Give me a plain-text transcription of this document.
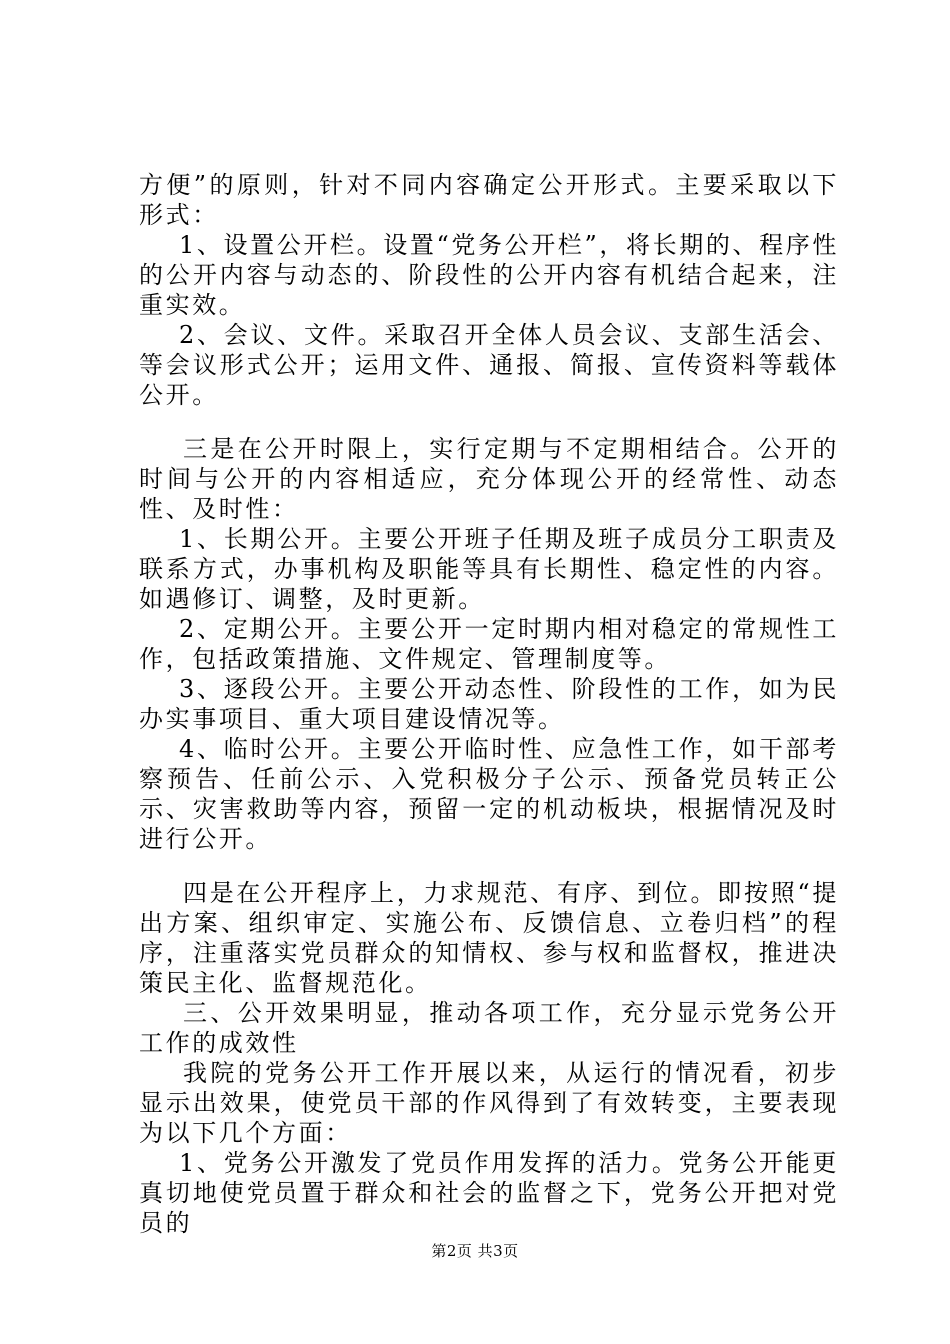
方便”的原则，针对不同内容确定公开形式。主要采取以下形式：

1、设置公开栏。设置“党务公开栏”，将长期的、程序性的公开内容与动态的、阶段性的公开内容有机结合起来，注重实效。

2、会议、文件。采取召开全体人员会议、支部生活会、等会议形式公开；运用文件、通报、简报、宣传资料等载体公开。

三是在公开时限上，实行定期与不定期相结合。公开的时间与公开的内容相适应，充分体现公开的经常性、动态性、及时性：

1、长期公开。主要公开班子任期及班子成员分工职责及联系方式，办事机构及职能等具有长期性、稳定性的内容。如遇修订、调整，及时更新。

2、定期公开。主要公开一定时期内相对稳定的常规性工作，包括政策措施、文件规定、管理制度等。

3、逐段公开。主要公开动态性、阶段性的工作，如为民办实事项目、重大项目建设情况等。

4、临时公开。主要公开临时性、应急性工作，如干部考察预告、任前公示、入党积极分子公示、预备党员转正公示、灾害救助等内容，预留一定的机动板块，根据情况及时进行公开。

四是在公开程序上，力求规范、有序、到位。即按照“提出方案、组织审定、实施公布、反馈信息、立卷归档”的程序，注重落实党员群众的知情权、参与权和监督权，推进决策民主化、监督规范化。

三、公开效果明显，推动各项工作，充分显示党务公开工作的成效性

我院的党务公开工作开展以来，从运行的情况看，初步显示出效果，使党员干部的作风得到了有效转变，主要表现为以下几个方面：

1、党务公开激发了党员作用发挥的活力。党务公开能更真切地使党员置于群众和社会的监督之下，党务公开把对党员的

第2页 共3页
